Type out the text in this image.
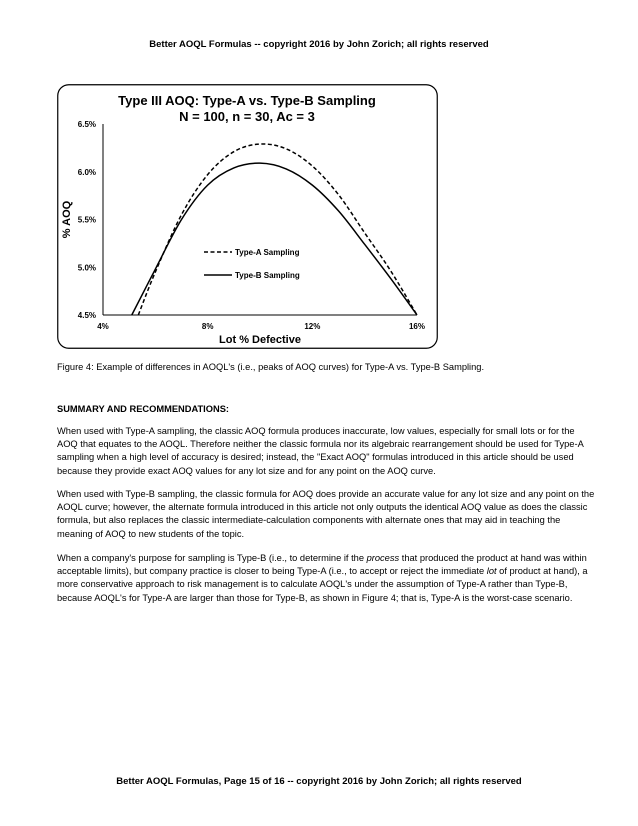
Better AOQL Formulas -- copyright 2016 by John Zorich; all rights reserved
Type III AOQ: Type-A vs. Type-B Sampling
N = 100, n = 30, Ac = 3
4.5%
5.0%
5.5%
6.0%
6.5%
4%	8%	12%	16%
Lot % Defective
% AOQ
Type-A Sampling
Type-B Sampling
Figure 4: Example of differences in AOQL's (i.e., peaks of AOQ curves) for Type-A vs. Type-B Sampling.
SUMMARY AND RECOMMENDATIONS:

When used with Type-A sampling, the classic AOQ formula produces inaccurate, low values, especially for small lots or for the AOQ that equates to the AOQL. Therefore neither the classic formula nor its algebraic rearrangement should be used for Type-A sampling when a high level of accuracy is desired; instead, the "Exact AOQ" formulas introduced in this article should be used because they provide exact AOQ values for any lot size and for any point on the AOQ curve.

When used with Type-B sampling, the classic formula for AOQ does provide an accurate value for any lot size and any point on the AOQL curve; however, the alternate formula introduced in this article not only outputs the identical AOQ value as does the classic formula, but also replaces the classic intermediate-calculation components with alternate ones that may aid in teaching the meaning of AOQ to new students of the topic.

When a company's purpose for sampling is Type-B (i.e., to determine if the process that produced the product at hand was within acceptable limits), but company practice is closer to being Type-A (i.e., to accept or reject the immediate lot of product at hand), a more conservative approach to risk management is to calculate AOQL's under the assumption of Type-A rather than Type-B, because AOQL's for Type-A are larger than those for Type-B, as shown in Figure 4; that is, Type-A is the worst-case scenario.

Better AOQL Formulas, Page 15 of 16 -- copyright 2016 by John Zorich; all rights reserved
